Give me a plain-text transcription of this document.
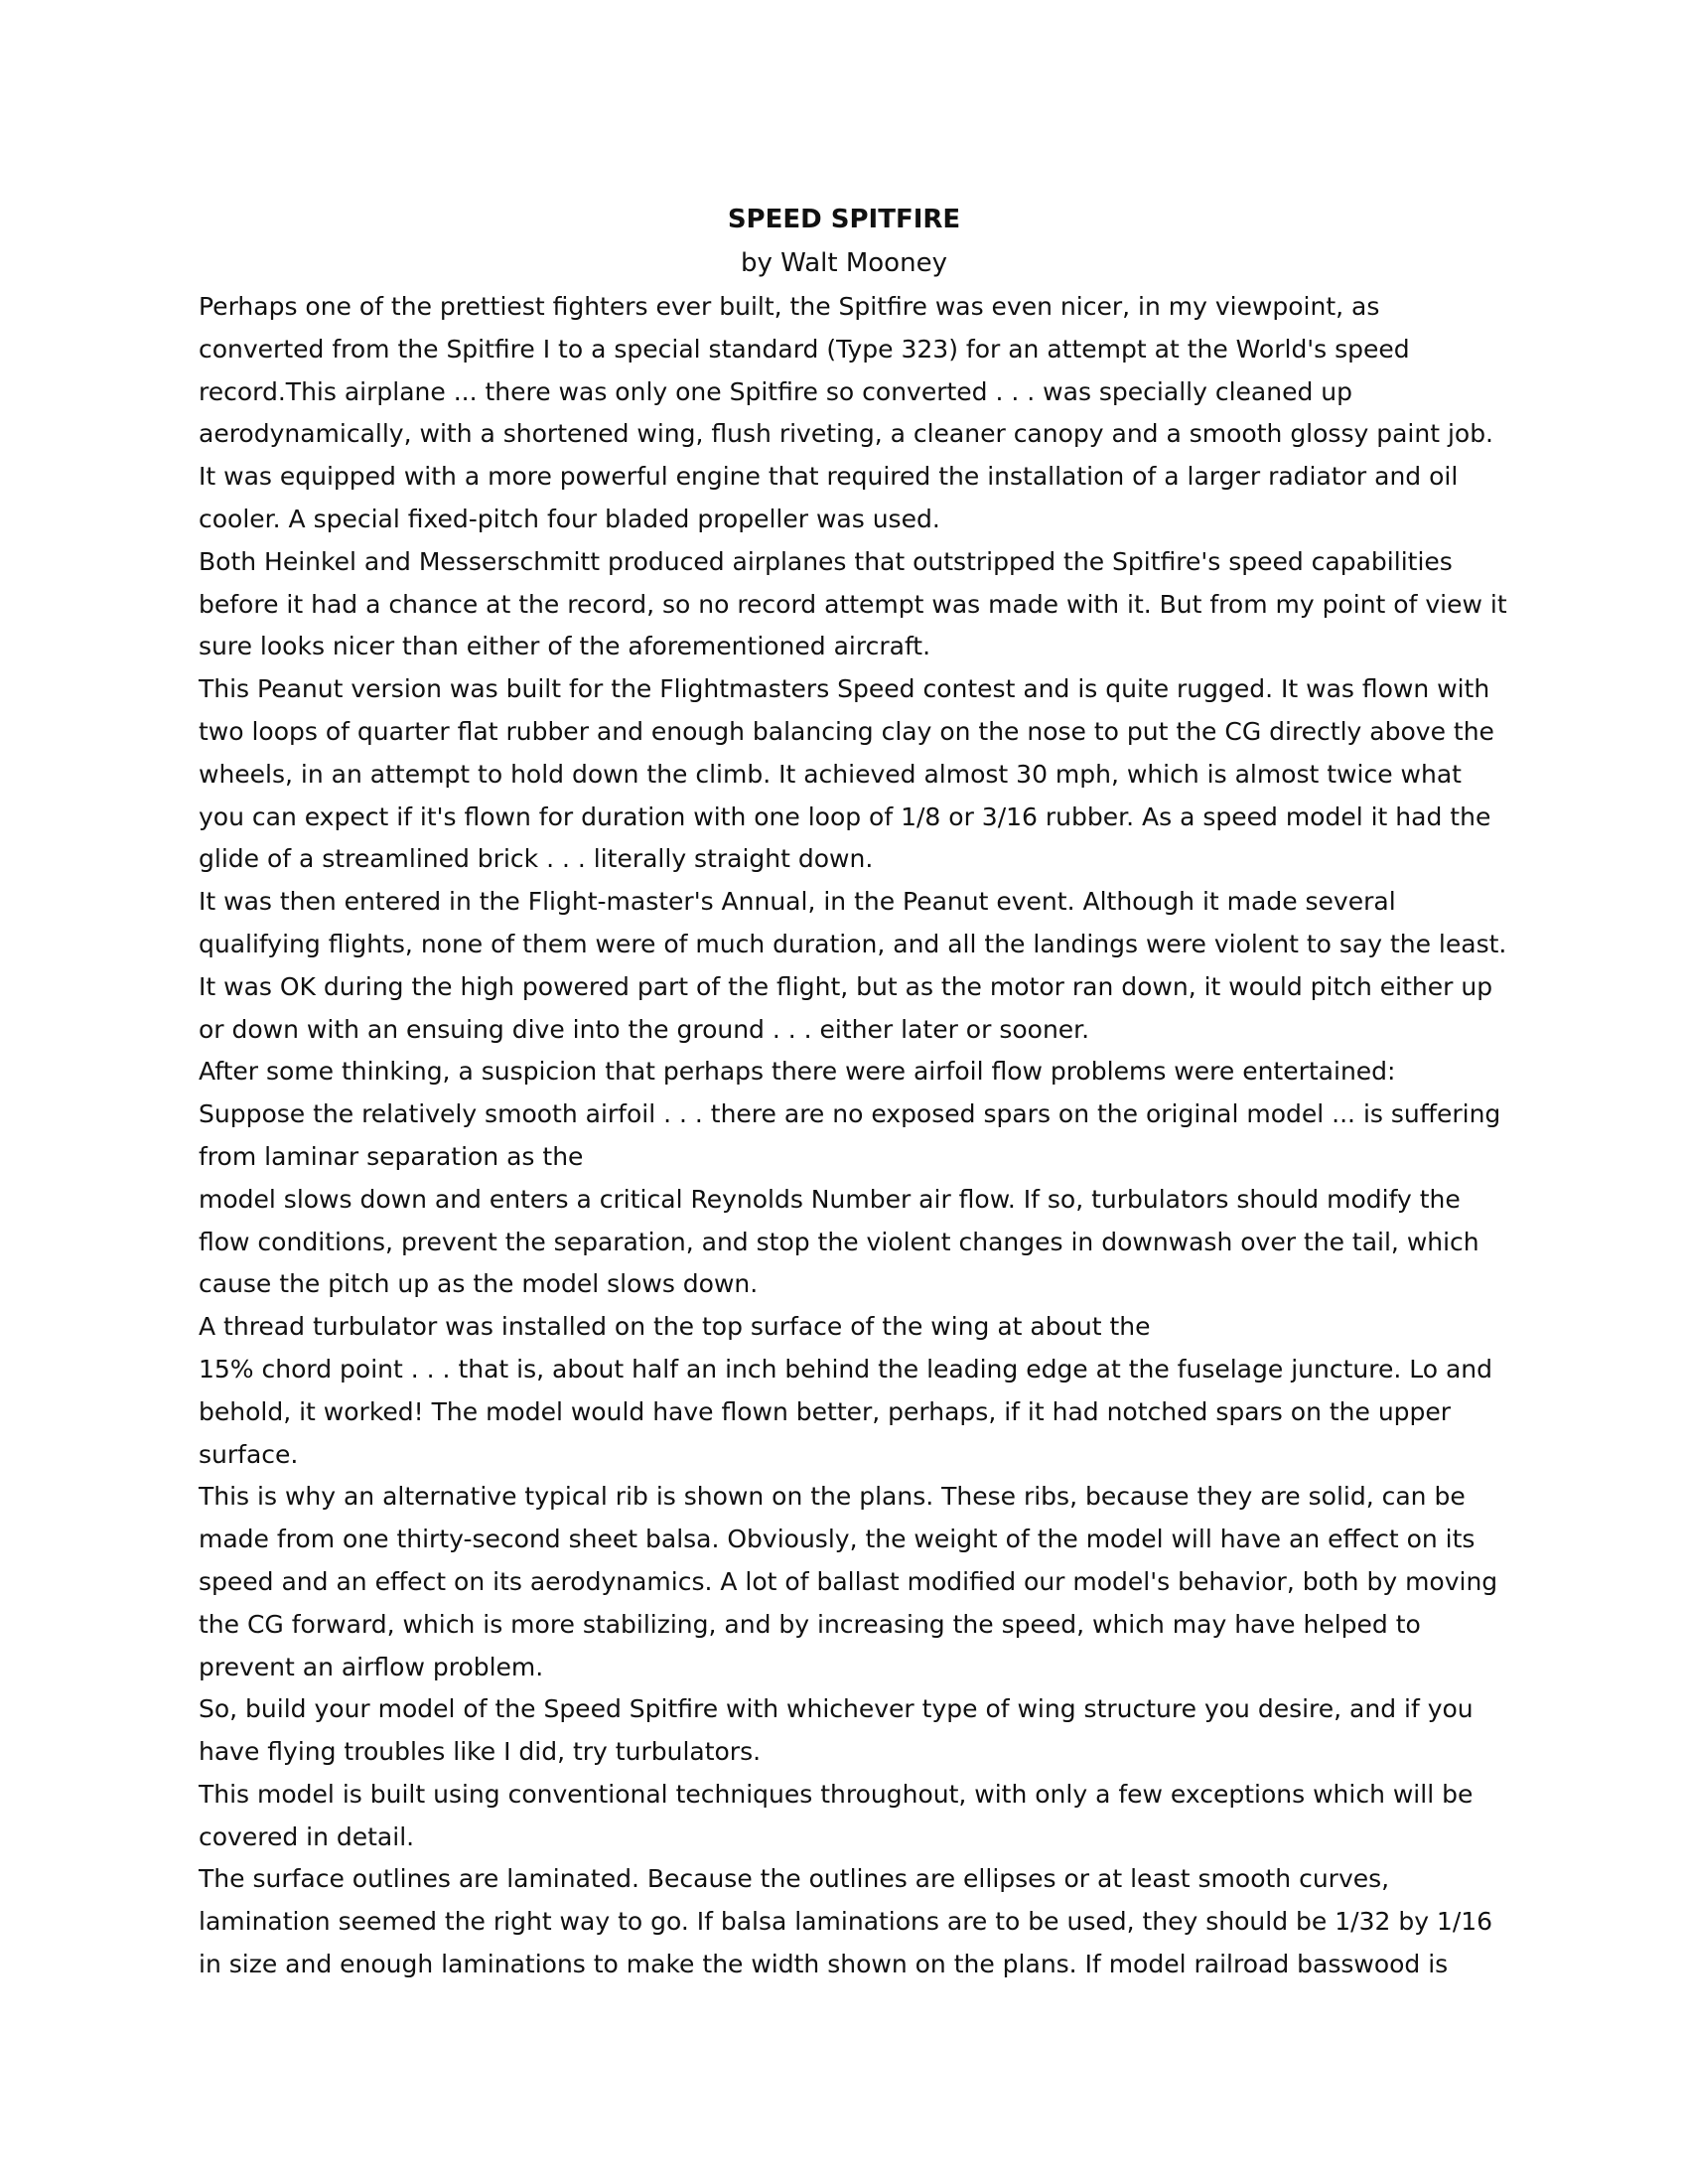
SPEED SPITFIRE
by Walt Mooney

Perhaps one of the prettiest fighters ever built, the Spitfire was even nicer, in my viewpoint, as converted from the Spitfire I to a special standard (Type 323) for an attempt at the World's speed record.This airplane ... there was only one Spitfire so converted . . . was specially cleaned up aerodynamically, with a shortened wing, flush riveting, a cleaner canopy and a smooth glossy paint job. It was equipped with a more powerful engine that required the installation of a larger radiator and oil cooler. A special fixed-pitch four bladed propeller was used.

Both Heinkel and Messerschmitt produced airplanes that outstripped the Spitfire's speed capabilities before it had a chance at the record, so no record attempt was made with it. But from my point of view it sure looks nicer than either of the aforementioned aircraft.

This Peanut version was built for the Flightmasters Speed contest and is quite rugged. It was flown with two loops of quarter flat rubber and enough balancing clay on the nose to put the CG directly above the wheels, in an attempt to hold down the climb. It achieved almost 30 mph, which is almost twice what you can expect if it's flown for duration with one loop of 1/8 or 3/16 rubber. As a speed model it had the glide of a streamlined brick . . . literally straight down.

It was then entered in the Flight-master's Annual, in the Peanut event. Although it made several qualifying flights, none of them were of much duration, and all the landings were violent to say the least. It was OK during the high powered part of the flight, but as the motor ran down, it would pitch either up or down with an ensuing dive into the ground . . . either later or sooner.

After some thinking, a suspicion that perhaps there were airfoil flow problems were entertained: Suppose the relatively smooth airfoil . . . there are no exposed spars on the original model ... is suffering from laminar separation as the

model slows down and enters a critical Reynolds Number air flow. If so, turbulators should modify the flow conditions, prevent the separation, and stop the violent changes in downwash over the tail, which cause the pitch up as the model slows down.

A thread turbulator was installed on the top surface of the wing at about the

15% chord point . . . that is, about half an inch behind the leading edge at the fuselage juncture. Lo and behold, it worked! The model would have flown better, perhaps, if it had notched spars on the upper surface.

This is why an alternative typical rib is shown on the plans. These ribs, because they are solid, can be made from one thirty-second sheet balsa. Obviously, the weight of the model will have an effect on its speed and an effect on its aerodynamics. A lot of ballast modified our model's behavior, both by moving the CG forward, which is more stabilizing, and by increasing the speed, which may have helped to prevent an airflow problem.

So, build your model of the Speed Spitfire with whichever type of wing structure you desire, and if you have flying troubles like I did, try turbulators.

This model is built using conventional techniques throughout, with only a few exceptions which will be covered in detail.

The surface outlines are laminated. Because the outlines are ellipses or at least smooth curves, lamination seemed the right way to go. If balsa laminations are to be used, they should be 1/32 by 1/16 in size and enough laminations to make the width shown on the plans. If model railroad basswood is
